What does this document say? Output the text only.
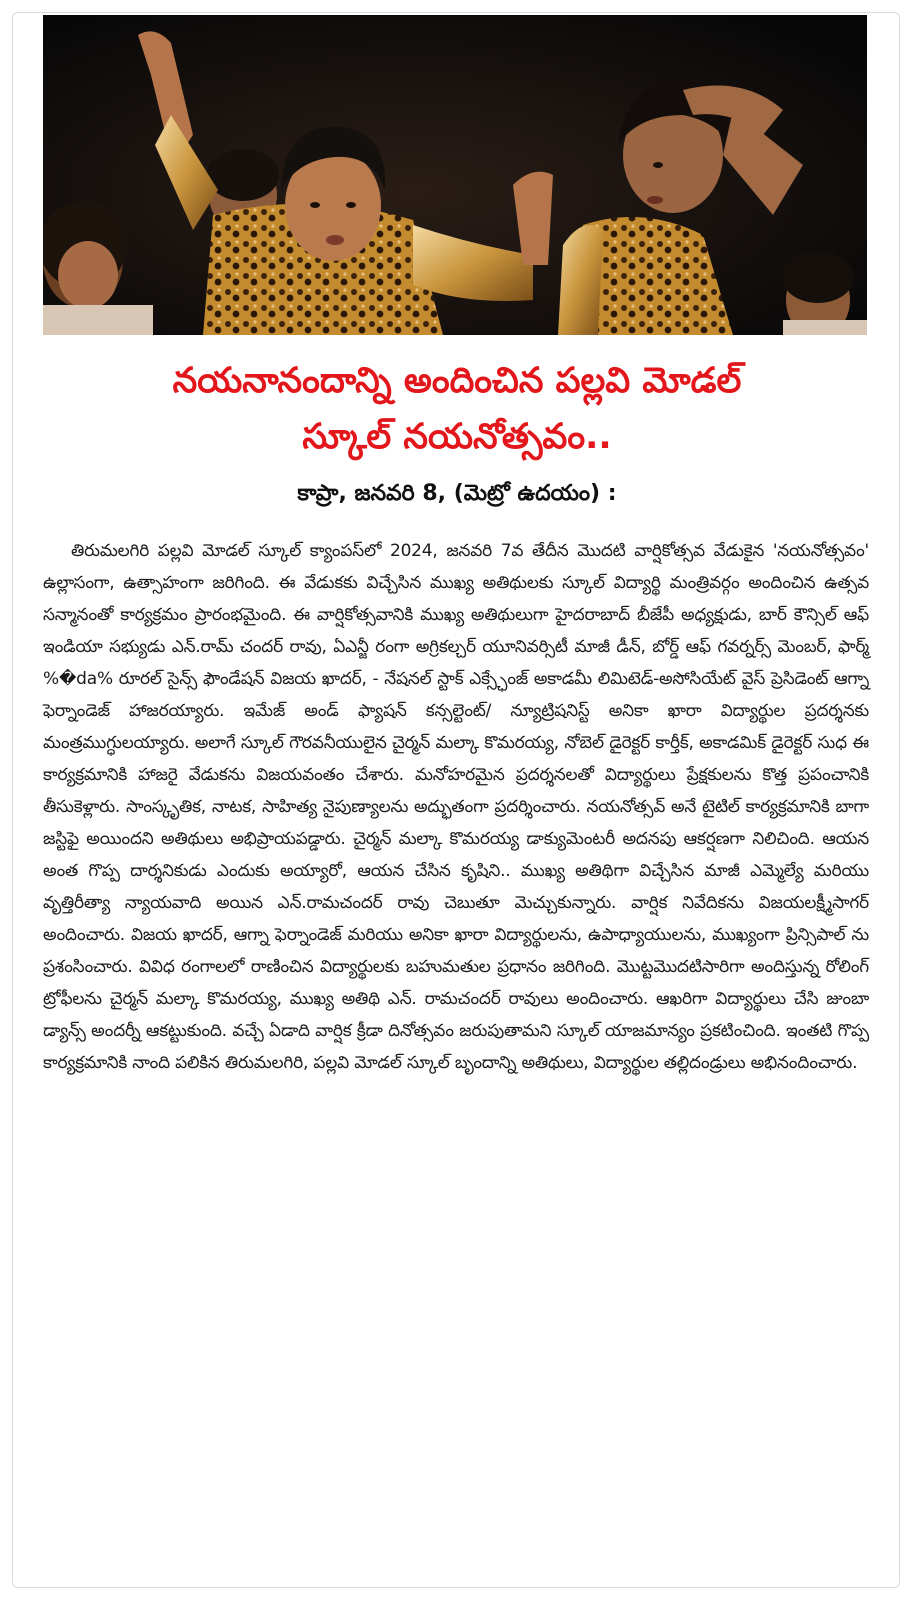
నయనానందాన్ని అందించిన పల్లవి మోడల్
స్కూల్ నయనోత్సవం..
కాప్రా, జనవరి 8, (మెట్రో ఉదయం) :
తిరుమలగిరి పల్లవి మోడల్ స్కూల్ క్యాంపస్‌లో 2024, జనవరి 7వ తేదీన మొదటి వార్షికోత్సవ వేడుకైన 'నయనోత్సవం' ఉల్లాసంగా, ఉత్సాహంగా జరిగింది. ఈ వేడుకకు విచ్చేసిన ముఖ్య అతిథులకు స్కూల్ విద్యార్థి మంత్రివర్గం అందించిన ఉత్సవ సన్మానంతో కార్యక్రమం ప్రారంభమైంది. ఈ వార్షికోత్సవానికి ముఖ్య అతిథులుగా హైదరాబాద్ బీజేపీ అధ్యక్షుడు, బార్ కౌన్సిల్ ఆఫ్ ఇండియా సభ్యుడు ఎన్.రామ్ చందర్ రావు, ఏఎన్జీ రంగా అగ్రికల్చర్ యూనివర్సిటీ మాజీ డీన్, బోర్డ్ ఆఫ్ గవర్నర్స్ మెంబర్, ఫార్మ్ %�da% రూరల్ సైన్స్ ఫౌండేషన్ విజయ ఖాదర్, - నేషనల్ స్టాక్ ఎక్స్ఛేంజ్ అకాడమీ లిమిటెడ్-అసోసియేట్ వైస్ ప్రెసిడెంట్ ఆగ్నా ఫెర్నాండెజ్ హాజరయ్యారు. ఇమేజ్ అండ్ ఫ్యాషన్ కన్సల్టెంట్/ న్యూట్రిషనిస్ట్ అనికా ఖారా విద్యార్థుల ప్రదర్శనకు మంత్రముగ్ధులయ్యారు. అలాగే స్కూల్ గౌరవనీయులైన చైర్మన్ మల్కా కొమరయ్య, నోబెల్ డైరెక్టర్ కార్తీక్, అకాడమిక్ డైరెక్టర్ సుధ ఈ కార్యక్రమానికి హాజరై వేడుకను విజయవంతం చేశారు. మనోహరమైన ప్రదర్శనలతో విద్యార్థులు ప్రేక్షకులను కొత్త ప్రపంచానికి తీసుకెళ్లారు. సాంస్కృతిక, నాటక, సాహిత్య నైపుణ్యాలను అద్భుతంగా ప్రదర్శించారు. నయనోత్సవ్ అనే టైటిల్ కార్యక్రమానికి బాగా జస్టిఫై అయిందని అతిథులు అభిప్రాయపడ్డారు. చైర్మన్ మల్కా కొమరయ్య డాక్యుమెంటరీ అదనపు ఆకర్షణగా నిలిచింది. ఆయన అంత గొప్ప దార్శనికుడు ఎందుకు అయ్యారో, ఆయన చేసిన కృషిని.. ముఖ్య అతిథిగా విచ్చేసిన మాజీ ఎమ్మెల్యే మరియు వృత్తిరీత్యా న్యాయవాది అయిన ఎన్.రామచందర్ రావు చెబుతూ మెచ్చుకున్నారు. వార్షిక నివేదికను విజయలక్ష్మీసాగర్ అందించారు. విజయ ఖాదర్, ఆగ్నా ఫెర్నాండెజ్ మరియు అనికా ఖారా విద్యార్థులను, ఉపాధ్యాయులను, ముఖ్యంగా ప్రిన్సిపాల్ ను ప్రశంసించారు. వివిధ రంగాలలో రాణించిన విద్యార్థులకు బహుమతుల ప్రధానం జరిగింది. మొట్టమొదటిసారిగా అందిస్తున్న రోలింగ్ ట్రోఫీలను చైర్మన్ మల్కా కొమరయ్య, ముఖ్య అతిథి ఎన్. రామచందర్ రావులు అందించారు. ఆఖరిగా విద్యార్థులు చేసి జుంబా డ్యాన్స్ అందర్నీ ఆకట్టుకుంది. వచ్చే ఏడాది వార్షిక క్రీడా దినోత్సవం జరుపుతామని స్కూల్ యాజమాన్యం ప్రకటించింది. ఇంతటి గొప్ప కార్యక్రమానికి నాంది పలికిన తిరుమలగిరి, పల్లవి మోడల్ స్కూల్ బృందాన్ని అతిథులు, విద్యార్థుల తల్లిదండ్రులు అభినందించారు.
